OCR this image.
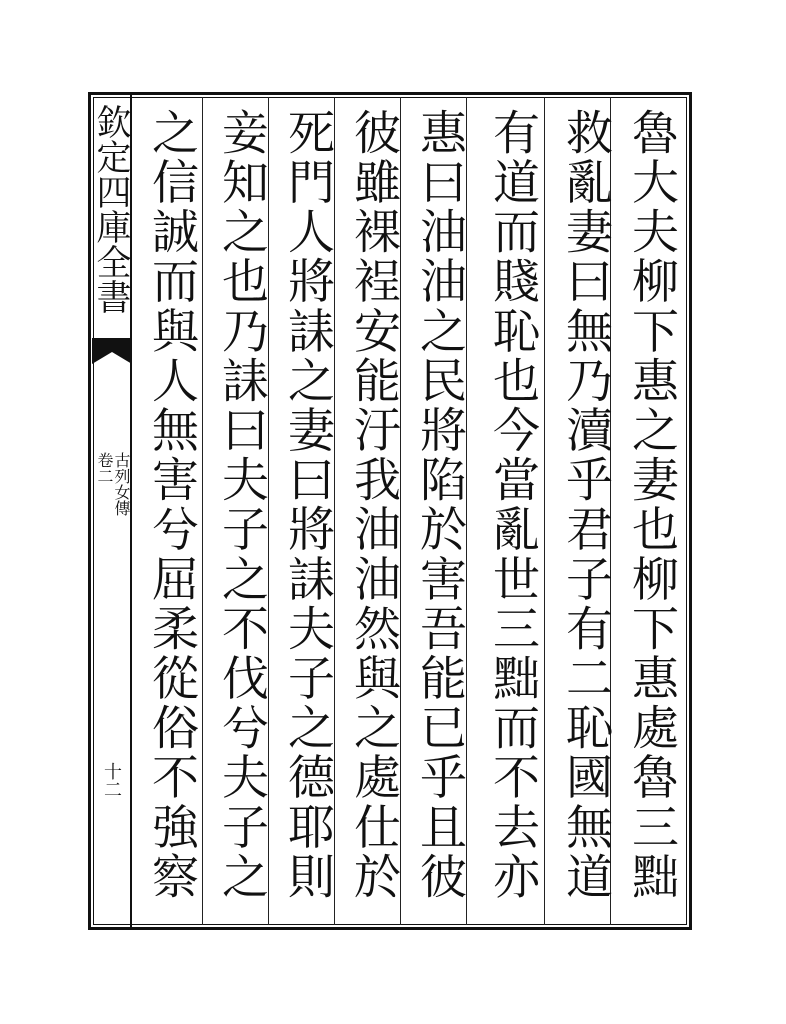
欽定四庫全書
卷二
古列女傳
十二
魯大夫柳下惠之妻也柳下惠處魯三黜
救亂妻曰無乃瀆乎君子有二恥國無道
有道而賤恥也今當亂世三黜而不去亦
惠曰油油之民將陷於害吾能已乎且彼
彼雖裸裎安能汙我油油然與之處仕於
死門人將誄之妻曰將誄夫子之德耶則
妾知之也乃誄曰夫子之不伐兮夫子之
之信誠而與人無害兮屈柔從俗不強察
